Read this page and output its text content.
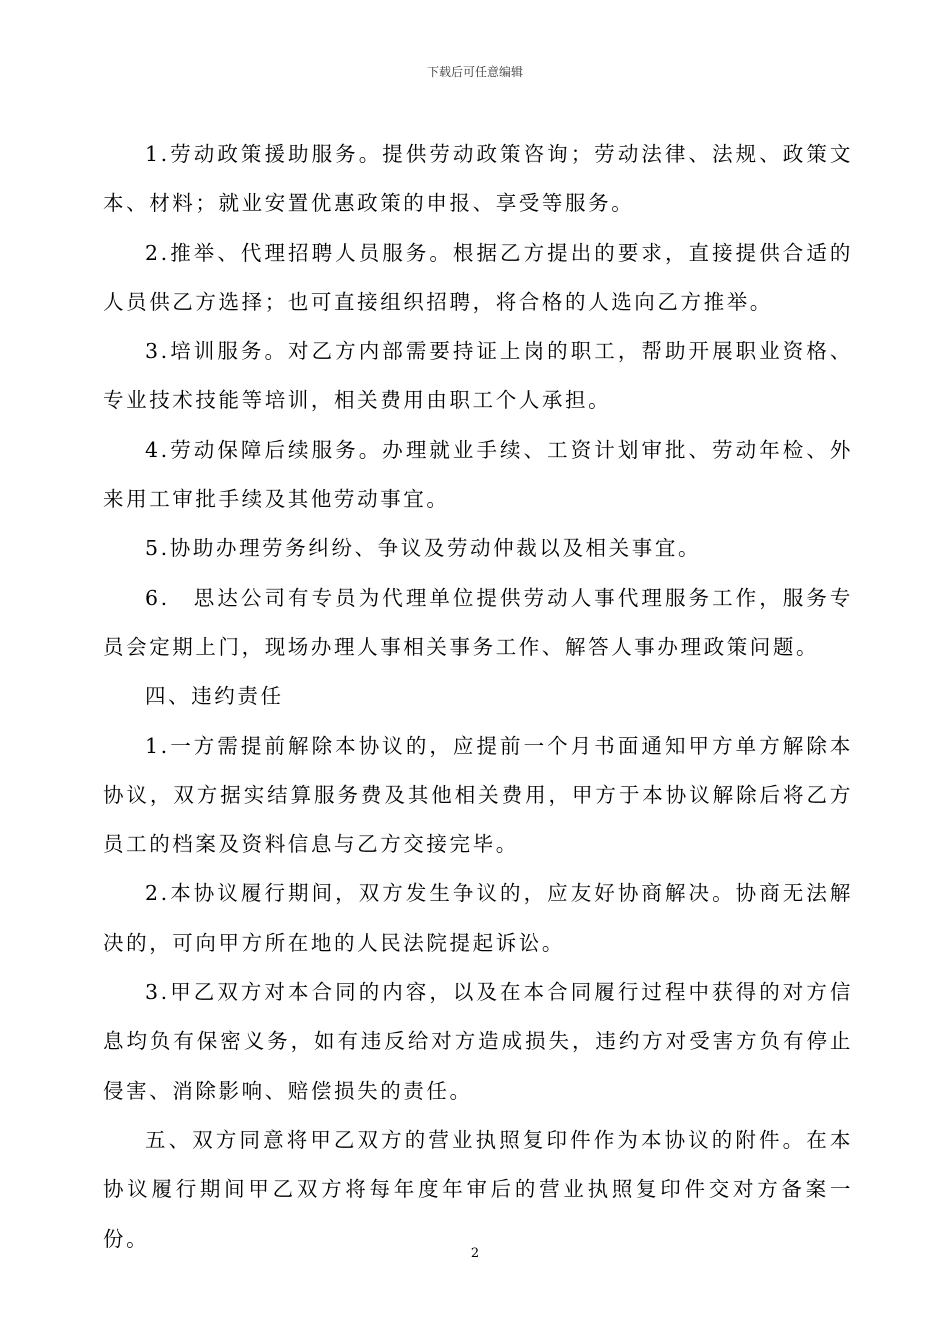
下载后可任意编辑

1.劳动政策援助服务。提供劳动政策咨询；劳动法律、法规、政策文本、材料；就业安置优惠政策的申报、享受等服务。

2.推举、代理招聘人员服务。根据乙方提出的要求，直接提供合适的人员供乙方选择；也可直接组织招聘，将合格的人选向乙方推举。

3.培训服务。对乙方内部需要持证上岗的职工，帮助开展职业资格、专业技术技能等培训，相关费用由职工个人承担。

4.劳动保障后续服务。办理就业手续、工资计划审批、劳动年检、外来用工审批手续及其他劳动事宜。

5.协助办理劳务纠纷、争议及劳动仲裁以及相关事宜。

6.　思达公司有专员为代理单位提供劳动人事代理服务工作，服务专员会定期上门，现场办理人事相关事务工作、解答人事办理政策问题。

四、违约责任

1.一方需提前解除本协议的，应提前一个月书面通知甲方单方解除本协议，双方据实结算服务费及其他相关费用，甲方于本协议解除后将乙方员工的档案及资料信息与乙方交接完毕。

2.本协议履行期间，双方发生争议的，应友好协商解决。协商无法解决的，可向甲方所在地的人民法院提起诉讼。

3.甲乙双方对本合同的内容，以及在本合同履行过程中获得的对方信息均负有保密义务，如有违反给对方造成损失，违约方对受害方负有停止侵害、消除影响、赔偿损失的责任。

五、双方同意将甲乙双方的营业执照复印件作为本协议的附件。在本协议履行期间甲乙双方将每年度年审后的营业执照复印件交对方备案一份。

2
